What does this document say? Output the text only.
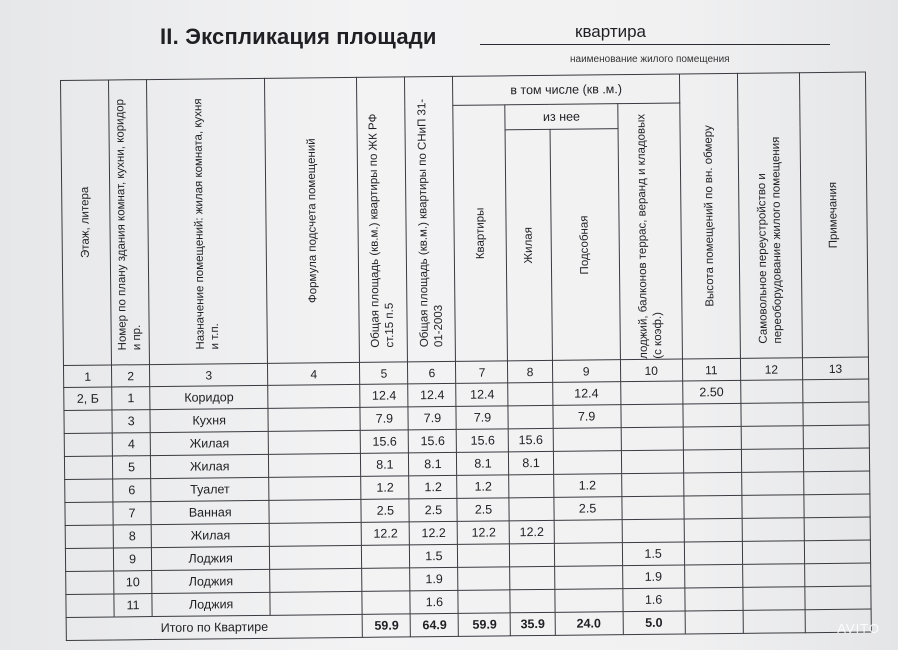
II. Экспликация площади	квартира
наименование жилого помещения
Этаж, литера	Номер по плану здания комнат, кухни, коридор и пр.	Назначение помещений: жилая комната, кухня и т.п.	Формула подсчета помещений	Общая площадь (кв.м.) квартиры по ЖК РФ ст.15 п.5	Общая площадь (кв.м.) квартиры по СНиП 31-01-2003	в том числе (кв .м.)				Высота помещений по вн. обмеру	Самовольное переустройство и переоборудование жилого помещения	Примечания

						Квартиры	из нее		лоджий, балконов террас, веранд и кладовых (с коэф.)			

							Жилая	Подсобная				

1	2	3	4	5	6	7	8	9	10	11	12	13
2, Б	1	Коридор		12.4	12.4	12.4		12.4		2.50		
	3	Кухня		7.9	7.9	7.9		7.9				
	4	Жилая		15.6	15.6	15.6	15.6					
	5	Жилая		8.1	8.1	8.1	8.1					
	6	Туалет		1.2	1.2	1.2		1.2				
	7	Ванная		2.5	2.5	2.5		2.5				
	8	Жилая		12.2	12.2	12.2	12.2					
	9	Лоджия			1.5				1.5			
	10	Лоджия			1.9				1.9			
	11	Лоджия			1.6				1.6			
Итого по Квартире				59.9	64.9	59.9	35.9	24.0	5.0				AVITO
